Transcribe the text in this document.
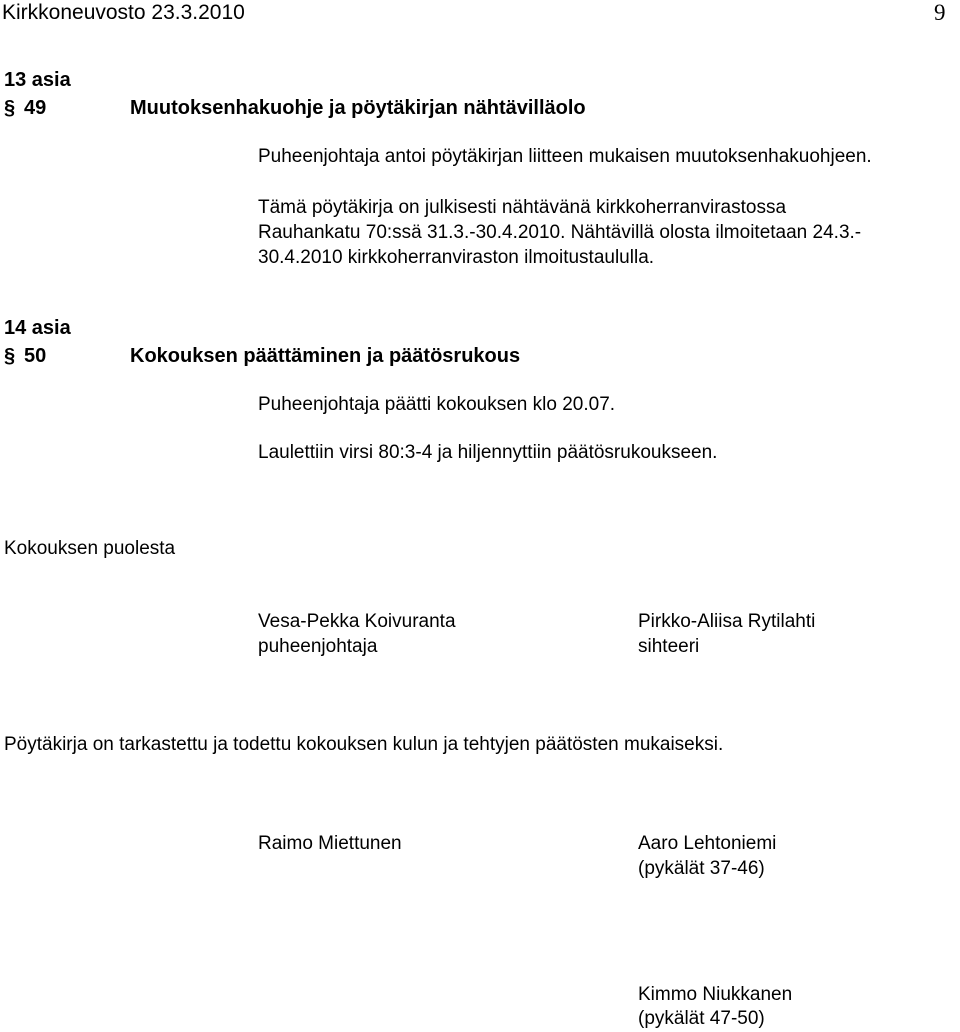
Kirkkoneuvosto 23.3.2010	9
13 asia
§ 49	Muutoksenhakuohje ja pöytäkirjan nähtävilläolo
Puheenjohtaja antoi pöytäkirjan liitteen mukaisen muutoksenhakuohjeen.
Tämä pöytäkirja on julkisesti nähtävänä kirkkoherranvirastossa
Rauhankatu 70:ssä 31.3.-30.4.2010. Nähtävillä olosta ilmoitetaan 24.3.-
30.4.2010 kirkkoherranviraston ilmoitustaululla.
14 asia
§ 50	Kokouksen päättäminen ja päätösrukous
Puheenjohtaja päätti kokouksen klo 20.07.
Laulettiin virsi 80:3-4 ja hiljennyttiin päätösrukoukseen.
Kokouksen puolesta
Vesa-Pekka Koivuranta
puheenjohtaja
Pirkko-Aliisa Rytilahti
sihteeri
Pöytäkirja on tarkastettu ja todettu kokouksen kulun ja tehtyjen päätösten mukaiseksi.
Raimo Miettunen	Aaro Lehtoniemi
(pykälät 37-46)
Kimmo Niukkanen
(pykälät 47-50)
